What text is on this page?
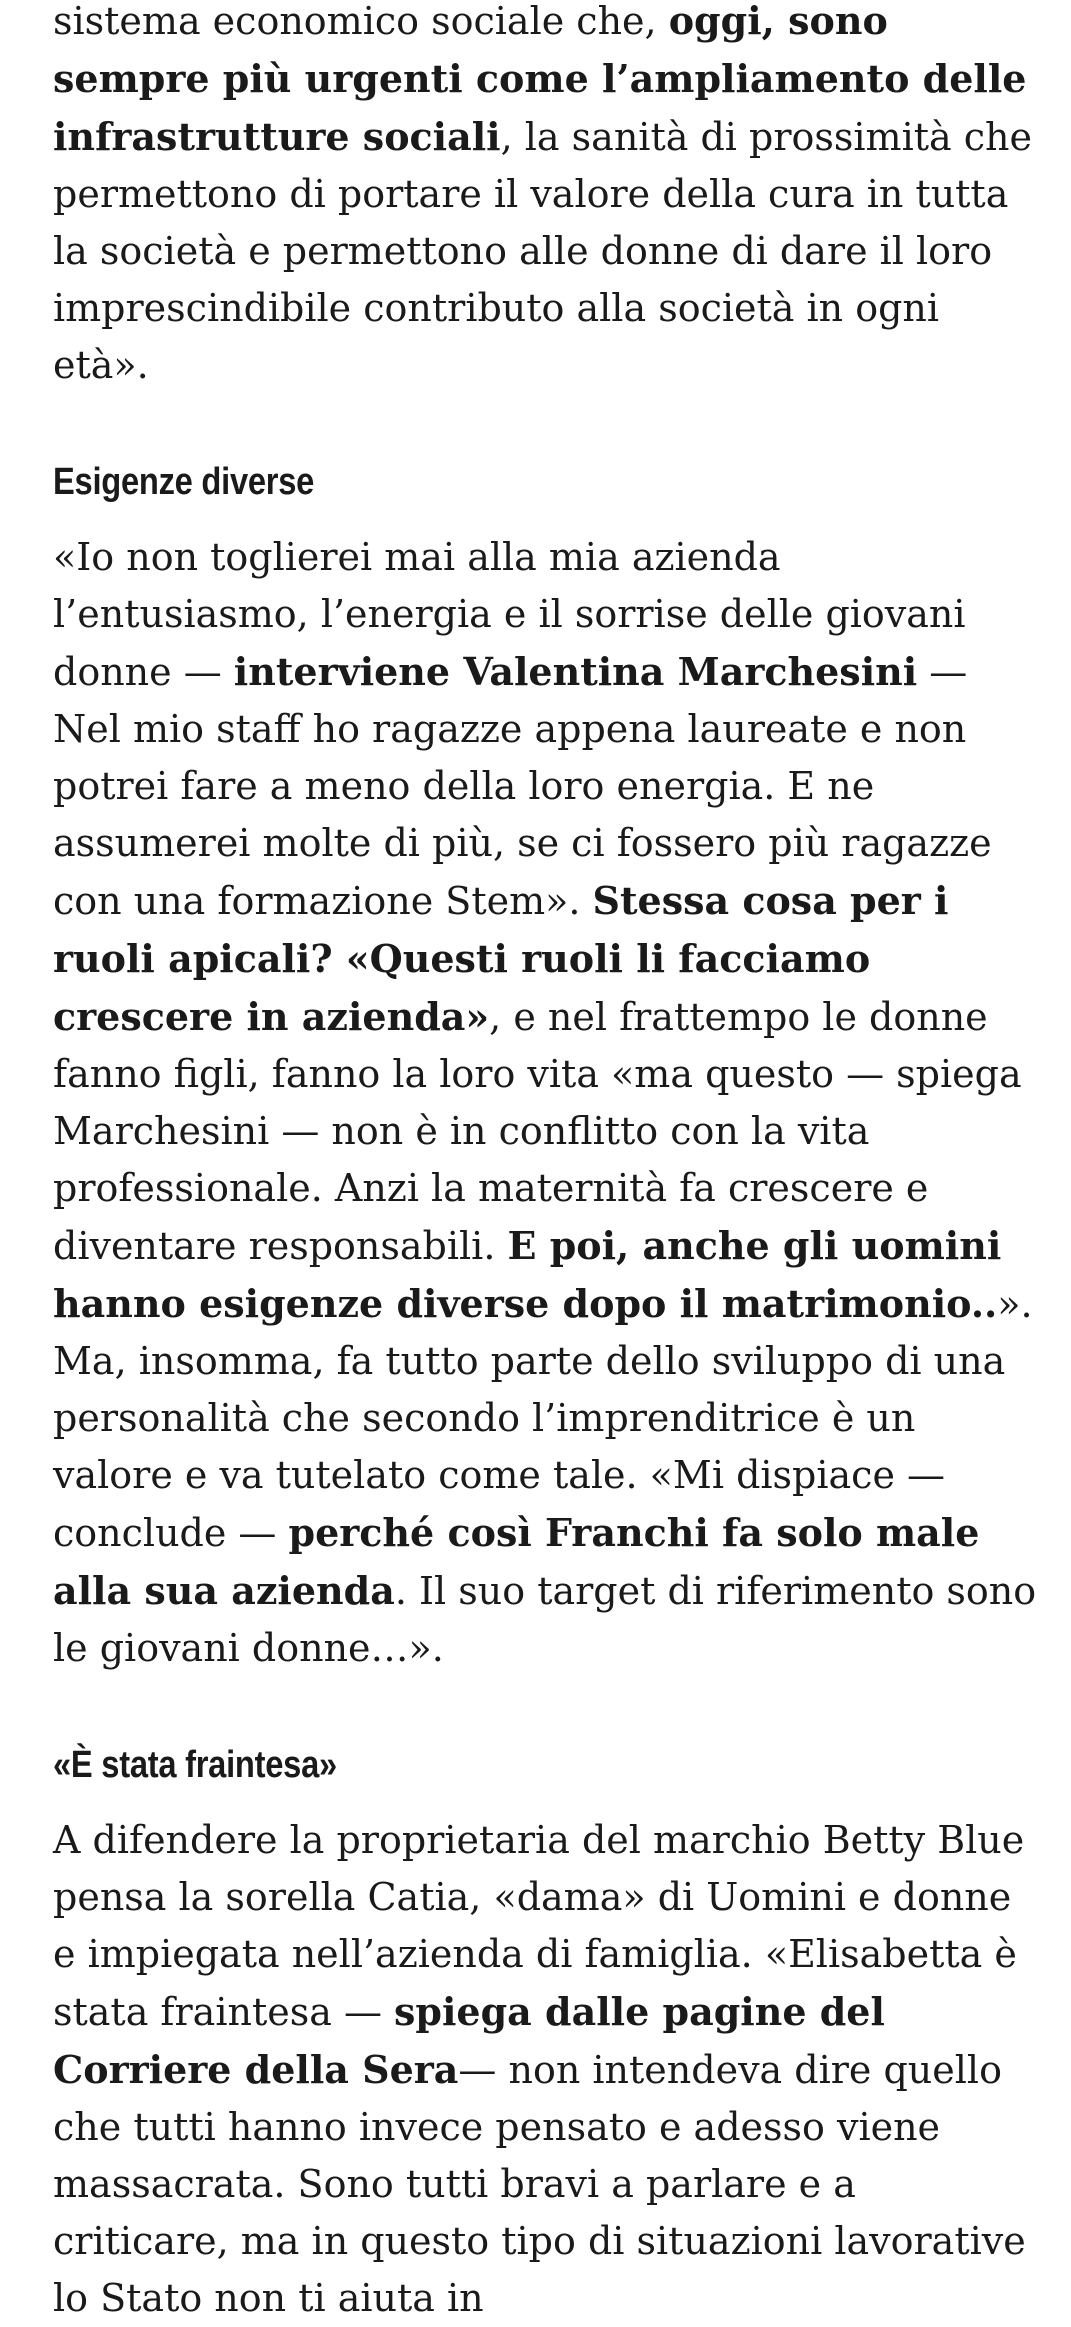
sistema economico sociale che, oggi, sono sempre più urgenti come l’ampliamento delle infrastrutture sociali, la sanità di prossimità che permettono di portare il valore della cura in tutta la società e permettono alle donne di dare il loro imprescindibile contributo alla società in ogni età».

Esigenze diverse

«Io non toglierei mai alla mia azienda l’entusiasmo, l’energia e il sorrise delle giovani donne — interviene Valentina Marchesini — Nel mio staff ho ragazze appena laureate e non potrei fare a meno della loro energia. E ne assumerei molte di più, se ci fossero più ragazze con una formazione Stem». Stessa cosa per i ruoli apicali? «Questi ruoli li facciamo crescere in azienda», e nel frattempo le donne fanno figli, fanno la loro vita «ma questo — spiega Marchesini — non è in conflitto con la vita professionale. Anzi la maternità fa crescere e diventare responsabili. E poi, anche gli uomini hanno esigenze diverse dopo il matrimonio..». Ma, insomma, fa tutto parte dello sviluppo di una personalità che secondo l’imprenditrice è un valore e va tutelato come tale. «Mi dispiace — conclude — perché così Franchi fa solo male alla sua azienda. Il suo target di riferimento sono le giovani donne…».

«È stata fraintesa»

A difendere la proprietaria del marchio Betty Blue pensa la sorella Catia, «dama» di Uomini e donne e impiegata nell’azienda di famiglia. «Elisabetta è stata fraintesa — spiega dalle pagine del Corriere della Sera— non intendeva dire quello che tutti hanno invece pensato e adesso viene massacrata. Sono tutti bravi a parlare e a criticare, ma in questo tipo di situazioni lavorative lo Stato non ti aiuta in
